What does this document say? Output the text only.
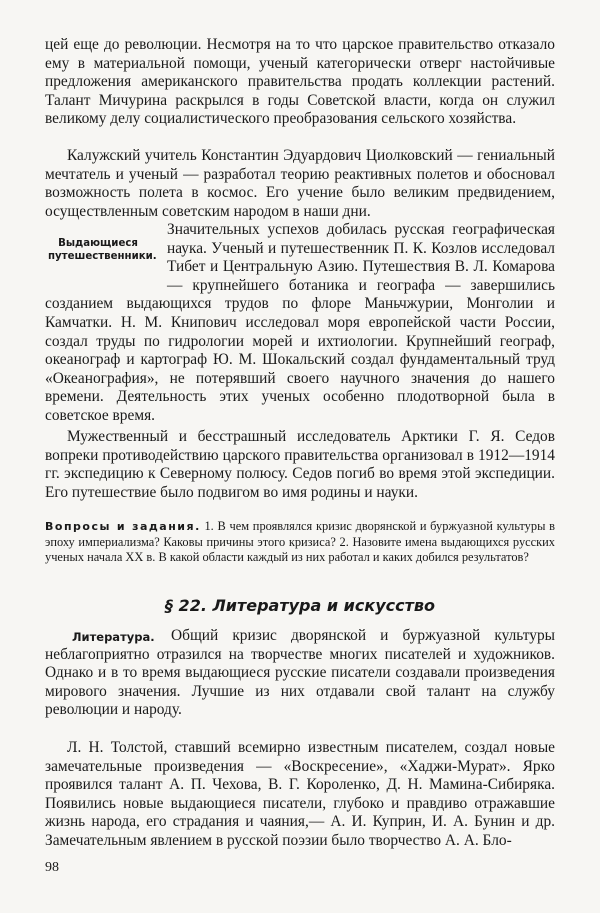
цей еще до революции. Несмотря на то что царское правительство отказало ему в материальной помощи, ученый категорически отверг настойчивые предложения американского правительства продать коллекции растений. Талант Мичурина раскрылся в годы Советской власти, когда он служил великому делу социалистического преобразования сельского хозяйства.

Калужский учитель Константин Эдуардович Циолковский — гениальный мечтатель и ученый — разработал теорию реактивных полетов и обосновал возможность полета в космос. Его учение было великим предвидением, осуществленным советским народом в наши дни.

Выдающиеся путешественники.

Значительных успехов добилась русская географическая наука. Ученый и путешественник П. К. Козлов исследовал Тибет и Центральную Азию. Путешествия В. Л. Комарова — крупнейшего ботаника и географа — завершились созданием выдающихся трудов по флоре Маньчжурии, Монголии и Камчатки. Н. М. Книпович исследовал моря европейской части России, создал труды по гидрологии морей и ихтиологии. Крупнейший географ, океанограф и картограф Ю. М. Шокальский создал фундаментальный труд «Океанография», не потерявший своего научного значения до нашего времени. Деятельность этих ученых особенно плодотворной была в советское время.

Мужественный и бесстрашный исследователь Арктики Г. Я. Седов вопреки противодействию царского правительства организовал в 1912—1914 гг. экспедицию к Северному полюсу. Седов погиб во время этой экспедиции. Его путешествие было подвигом во имя родины и науки.

Вопросы и задания. 1. В чем проявлялся кризис дворянской и буржуазной культуры в эпоху империализма? Каковы причины этого кризиса? 2. Назовите имена выдающихся русских ученых начала XX в. В какой области каждый из них работал и каких добился результатов?

§ 22. Литература и искусство

Литература.	Общий кризис дворянской и буржуазной культуры неблагоприятно отразился на творчестве многих писателей и художников. Однако и в то время выдающиеся русские писатели создавали произведения мирового значения. Лучшие из них отдавали свой талант на службу революции и народу.

Л. Н. Толстой, ставший всемирно известным писателем, создал новые замечательные произведения — «Воскресение», «Хаджи-Мурат». Ярко проявился талант А. П. Чехова, В. Г. Короленко, Д. Н. Мамина-Сибиряка. Появились новые выдающиеся писатели, глубоко и правдиво отражавшие жизнь народа, его страдания и чаяния,— А. И. Куприн, И. А. Бунин и др. Замечательным явлением в русской поэзии было творчество А. А. Бло-

98
